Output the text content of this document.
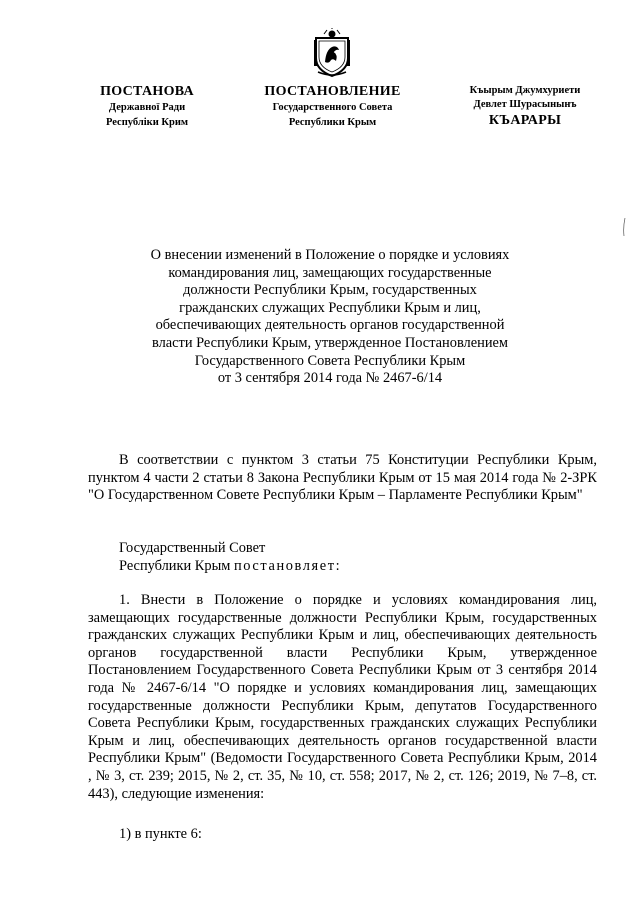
ПОСТАНОВА
Державної Ради
Республіки Крим
ПОСТАНОВЛЕНИЕ
Государственного Совета
Республики Крым
Къырым Джумхуриети
Девлет Шурасынынъ
КЪАРАРЫ
О внесении изменений в Положение о порядке и условиях
командирования лиц, замещающих государственные
должности Республики Крым, государственных
гражданских служащих Республики Крым и лиц,
обеспечивающих деятельность органов государственной
власти Республики Крым, утвержденное Постановлением
Государственного Совета Республики Крым
от 3 сентября 2014 года № 2467-6/14
В соответствии с пунктом 3 статьи 75 Конституции Республики Крым, пунктом 4 части 2 статьи 8 Закона Республики Крым от 15 мая 2014 года № 2-ЗРК "О Государственном Совете Республики Крым – Парламенте Республики Крым"
Государственный Совет
Республики Крым постановляет:
1. Внести в Положение о порядке и условиях командирования лиц, замещающих государственные должности Республики Крым, государственных гражданских служащих Республики Крым и лиц, обеспечивающих деятельность органов государственной власти Республики Крым, утвержденное Постановлением Государственного Совета Республики Крым от 3 сентября 2014 года № 2467-6/14 "О порядке и условиях командирования лиц, замещающих государственные должности Республики Крым, депутатов Государственного Совета Республики Крым, государственных гражданских служащих Республики Крым и лиц, обеспечивающих деятельность органов государственной власти Республики Крым" (Ведомости Государственного Совета Республики Крым, 2014 , № 3, ст. 239; 2015, № 2, ст. 35, № 10, ст. 558; 2017, № 2, ст. 126; 2019, № 7–8, ст. 443), следующие изменения:
1) в пункте 6:
